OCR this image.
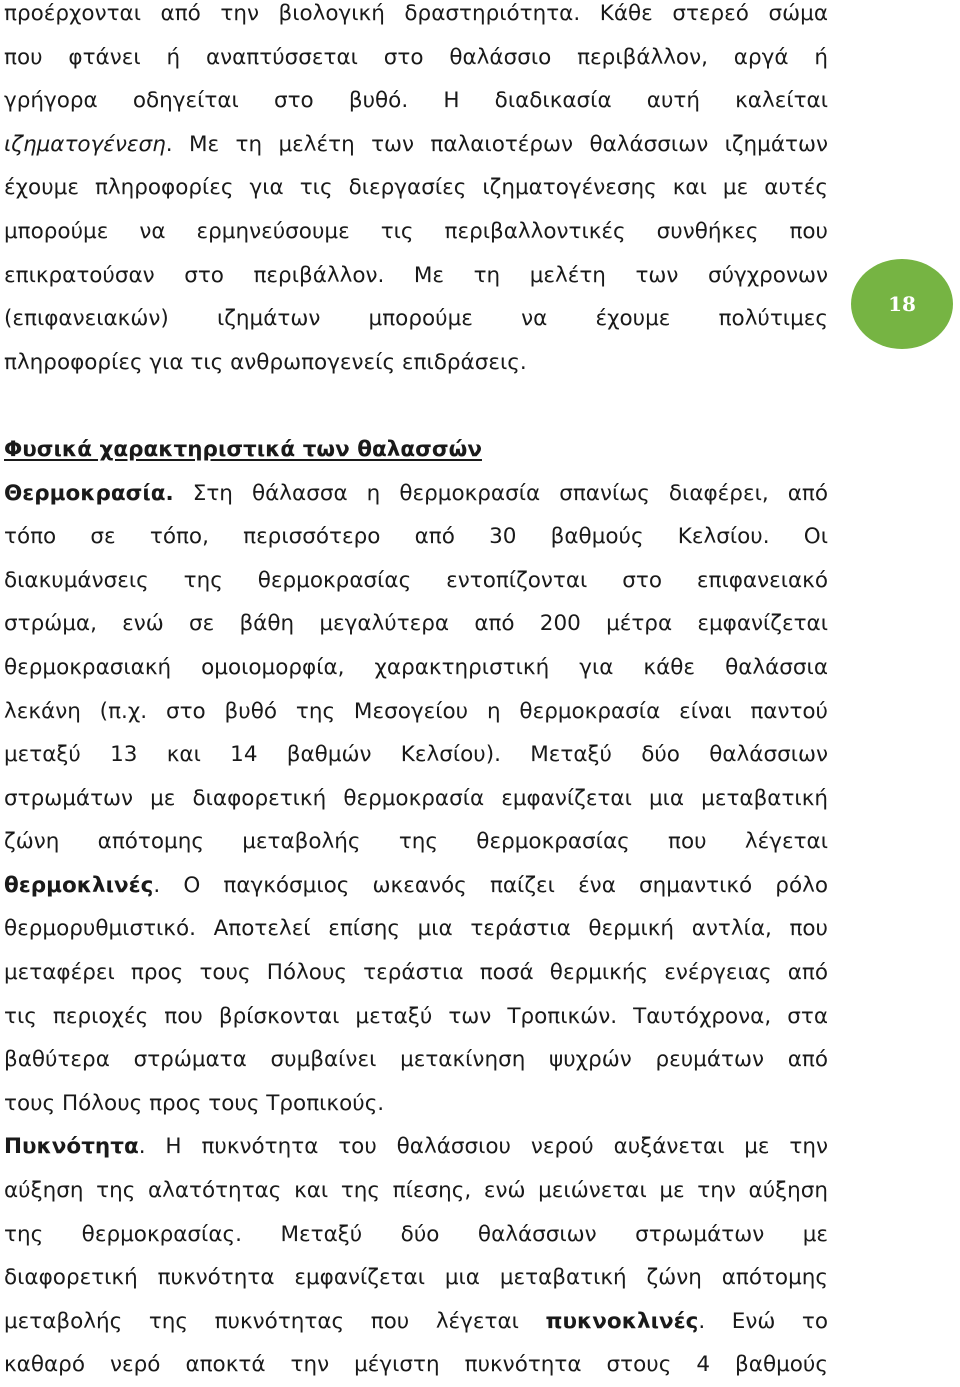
προέρχονται από την βιολογική δραστηριότητα. Κάθε στερεό σώμα
που φτάνει ή αναπτύσσεται στο θαλάσσιο περιβάλλον, αργά ή
γρήγορα οδηγείται στο βυθό. Η διαδικασία αυτή καλείται
ιζηματογένεση. Με τη μελέτη των παλαιοτέρων θαλάσσιων ιζημάτων
έχουμε πληροφορίες για τις διεργασίες ιζηματογένεσης και με αυτές
μπορούμε να ερμηνεύσουμε τις περιβαλλοντικές συνθήκες που
επικρατούσαν στο περιβάλλον. Με τη μελέτη των σύγχρονων
(επιφανειακών) ιζημάτων μπορούμε να έχουμε πολύτιμες
πληροφορίες για τις ανθρωπογενείς επιδράσεις.
Φυσικά χαρακτηριστικά των θαλασσών
Θερμοκρασία. Στη θάλασσα η θερμοκρασία σπανίως διαφέρει, από
τόπο σε τόπο, περισσότερο από 30 βαθμούς Κελσίου. Οι
διακυμάνσεις της θερμοκρασίας εντοπίζονται στο επιφανειακό
στρώμα, ενώ σε βάθη μεγαλύτερα από 200 μέτρα εμφανίζεται
θερμοκρασιακή ομοιομορφία, χαρακτηριστική για κάθε θαλάσσια
λεκάνη (π.χ. στο βυθό της Μεσογείου η θερμοκρασία είναι παντού
μεταξύ 13 και 14 βαθμών Κελσίου). Μεταξύ δύο θαλάσσιων
στρωμάτων με διαφορετική θερμοκρασία εμφανίζεται μια μεταβατική
ζώνη απότομης μεταβολής της θερμοκρασίας που λέγεται
θερμοκλινές. Ο παγκόσμιος ωκεανός παίζει ένα σημαντικό ρόλο
θερμορυθμιστικό. Αποτελεί επίσης μια τεράστια θερμική αντλία, που
μεταφέρει προς τους Πόλους τεράστια ποσά θερμικής ενέργειας από
τις περιοχές που βρίσκονται μεταξύ των Τροπικών. Ταυτόχρονα, στα
βαθύτερα στρώματα συμβαίνει μετακίνηση ψυχρών ρευμάτων από
τους Πόλους προς τους Τροπικούς.
Πυκνότητα. Η πυκνότητα του θαλάσσιου νερού αυξάνεται με την
αύξηση της αλατότητας και της πίεσης, ενώ μειώνεται με την αύξηση
της θερμοκρασίας. Μεταξύ δύο θαλάσσιων στρωμάτων με
διαφορετική πυκνότητα εμφανίζεται μια μεταβατική ζώνη απότομης
μεταβολής της πυκνότητας που λέγεται πυκνοκλινές. Ενώ το
καθαρό νερό αποκτά την μέγιστη πυκνότητα στους 4 βαθμούς
18
